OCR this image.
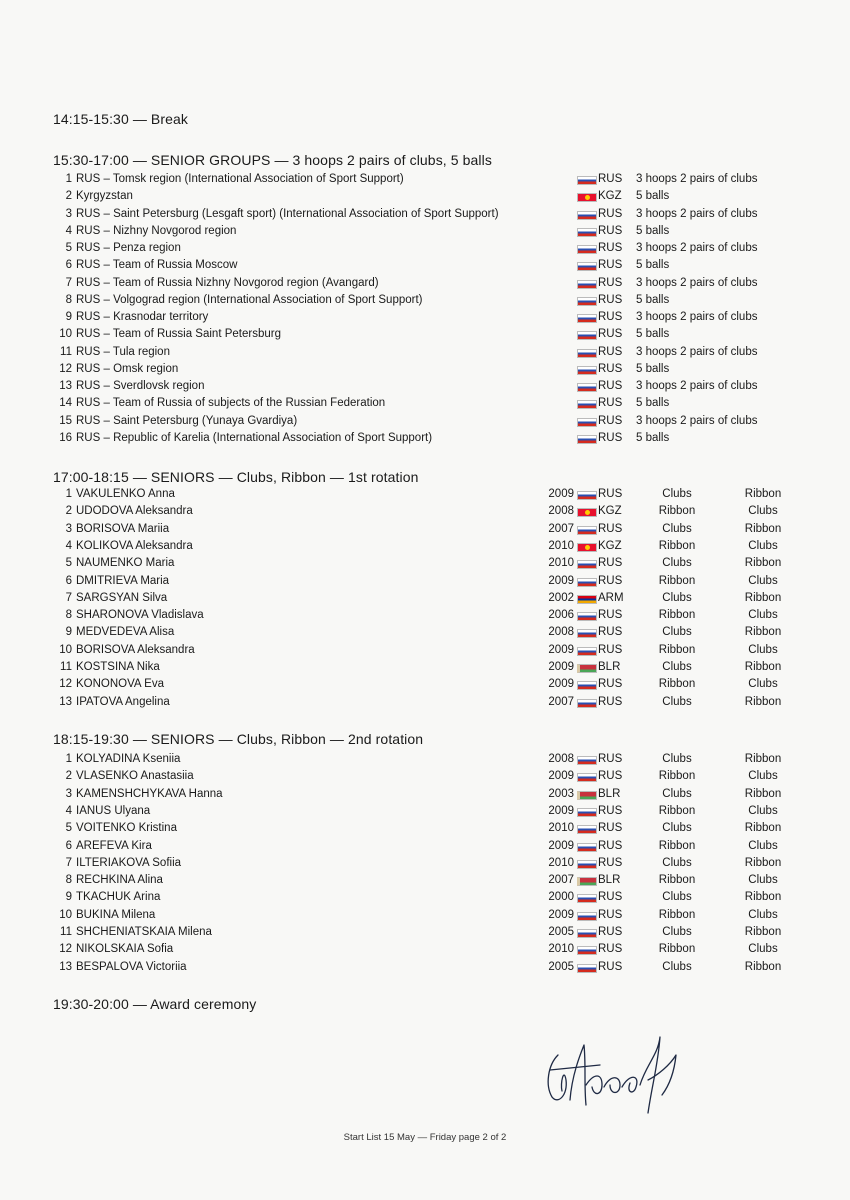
14:15-15:30 — Break
15:30-17:00 — SENIOR GROUPS — 3 hoops 2 pairs of clubs, 5 balls
1 RUS – Tomsk region (International Association of Sport Support)	RUS 3 hoops 2 pairs of clubs
2 Kyrgyzstan	KGZ 5 balls
3 RUS – Saint Petersburg (Lesgaft sport) (International Association of Sport Support)	RUS 3 hoops 2 pairs of clubs
4 RUS – Nizhny Novgorod region	RUS 5 balls
5 RUS – Penza region	RUS 3 hoops 2 pairs of clubs
6 RUS – Team of Russia Moscow	RUS 5 balls
7 RUS – Team of Russia Nizhny Novgorod region (Avangard)	RUS 3 hoops 2 pairs of clubs
8 RUS – Volgograd region (International Association of Sport Support)	RUS 5 balls
9 RUS – Krasnodar territory	RUS 3 hoops 2 pairs of clubs
10 RUS – Team of Russia Saint Petersburg	RUS 5 balls
11 RUS – Tula region	RUS 3 hoops 2 pairs of clubs
12 RUS – Omsk region	RUS 5 balls
13 RUS – Sverdlovsk region	RUS 3 hoops 2 pairs of clubs
14 RUS – Team of Russia of subjects of the Russian Federation	RUS 5 balls
15 RUS – Saint Petersburg (Yunaya Gvardiya)	RUS 3 hoops 2 pairs of clubs
16 RUS – Republic of Karelia (International Association of Sport Support)	RUS 5 balls
17:00-18:15 — SENIORS — Clubs, Ribbon — 1st rotation
1 VAKULENKO Anna	2009 RUS	Clubs	Ribbon
2 UDODOVA Aleksandra	2008 KGZ	Ribbon	Clubs
3 BORISOVA Mariia	2007 RUS	Clubs	Ribbon
4 KOLIKOVA Aleksandra	2010 KGZ	Ribbon	Clubs
5 NAUMENKO Maria	2010 RUS	Clubs	Ribbon
6 DMITRIEVA Maria	2009 RUS	Ribbon	Clubs
7 SARGSYAN Silva	2002 ARM	Clubs	Ribbon
8 SHARONOVA Vladislava	2006 RUS	Ribbon	Clubs
9 MEDVEDEVA Alisa	2008 RUS	Clubs	Ribbon
10 BORISOVA Aleksandra	2009 RUS	Ribbon	Clubs
11 KOSTSINA Nika	2009 BLR	Clubs	Ribbon
12 KONONOVA Eva	2009 RUS	Ribbon	Clubs
13 IPATOVA Angelina	2007 RUS	Clubs	Ribbon
18:15-19:30 — SENIORS — Clubs, Ribbon — 2nd rotation
1 KOLYADINA Kseniia	2008 RUS	Clubs	Ribbon
2 VLASENKO Anastasiia	2009 RUS	Ribbon	Clubs
3 KAMENSHCHYKAVA Hanna	2003 BLR	Clubs	Ribbon
4 IANUS Ulyana	2009 RUS	Ribbon	Clubs
5 VOITENKO Kristina	2010 RUS	Clubs	Ribbon
6 AREFEVA Kira	2009 RUS	Ribbon	Clubs
7 ILTERIAKOVA Sofiia	2010 RUS	Clubs	Ribbon
8 RECHKINA Alina	2007 BLR	Ribbon	Clubs
9 TKACHUK Arina	2000 RUS	Clubs	Ribbon
10 BUKINA Milena	2009 RUS	Ribbon	Clubs
11 SHCHENIATSKAIA Milena	2005 RUS	Clubs	Ribbon
12 NIKOLSKAIA Sofia	2010 RUS	Ribbon	Clubs
13 BESPALOVA Victoriia	2005 RUS	Clubs	Ribbon
19:30-20:00 — Award ceremony
Start List 15 May — Friday page 2 of 2
